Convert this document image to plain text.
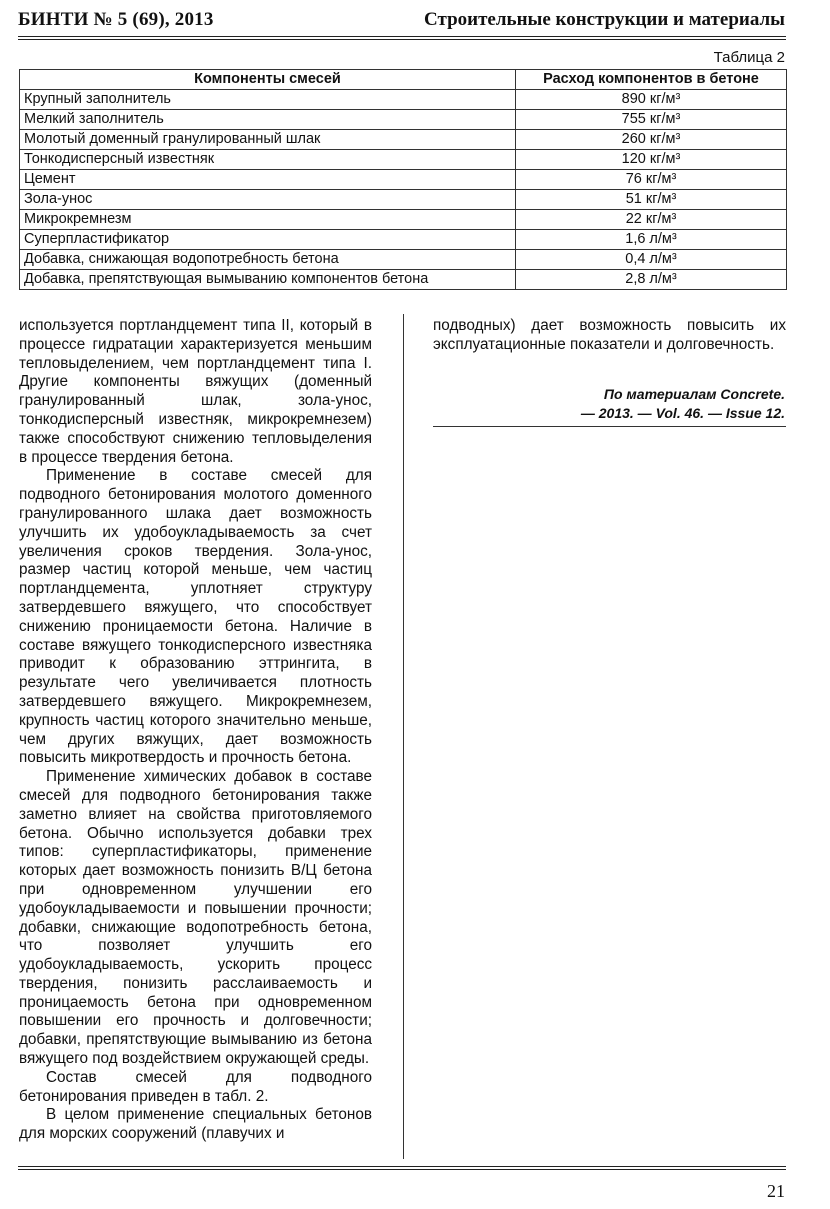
БИНТИ № 5 (69), 2013	Строительные конструкции и материалы
Таблица 2
Компоненты смесей	Расход компонентов в бетоне
Крупный заполнитель	890 кг/м³
Мелкий заполнитель	755 кг/м³
Молотый доменный гранулированный шлак	260 кг/м³
Тонкодисперсный известняк	120 кг/м³
Цемент	76 кг/м³
Зола-унос	51 кг/м³
Микрокремнезм	22 кг/м³
Суперпластификатор	1,6 л/м³
Добавка, снижающая водопотребность бетона	0,4 л/м³
Добавка, препятствующая вымыванию компонентов бетона	2,8 л/м³

используется портландцемент типа II, который в процессе гидратации характеризуется меньшим тепловыделением, чем портландцемент типа I. Другие компоненты вяжущих (доменный гранулированный шлак, зола-унос, тонкодисперсный известняк, микрокремнезем) также способствуют снижению тепловыделения в процессе твердения бетона.

Применение в составе смесей для подводного бетонирования молотого доменного гранулированного шлака дает возможность улучшить их удобоукладываемость за счет увеличения сроков твердения. Зола-унос, размер частиц которой меньше, чем частиц портландцемента, уплотняет структуру затвердевшего вяжущего, что способствует снижению проницаемости бетона. Наличие в составе вяжущего тонкодисперсного известняка приводит к образованию эттрингита, в результате чего увеличивается плотность затвердевшего вяжущего. Микрокремнезем, крупность частиц которого значительно меньше, чем других вяжущих, дает возможность повысить микротвердость и прочность бетона.

Применение химических добавок в составе смесей для подводного бетонирования также заметно влияет на свойства приготовляемого бетона. Обычно используется добавки трех типов: суперпластификаторы, применение которых дает возможность понизить В/Ц бетона при одновременном улучшении его удобоукладываемости и повышении прочности; добавки, снижающие водопотребность бетона, что позволяет улучшить его удобоукладываемость, ускорить процесс твердения, понизить расслаиваемость и проницаемость бетона при одновременном повышении его прочность и долговечности; добавки, препятствующие вымыванию из бетона вяжущего под воздействием окружающей среды.

Состав смесей для подводного бетонирования приведен в табл. 2.

В целом применение специальных бетонов для морских сооружений (плавучих и

подводных) дает возможность повысить их эксплуатационные показатели и долговечность.

По материалам Concrete.
— 2013. — Vol. 46. — Issue 12.
21
